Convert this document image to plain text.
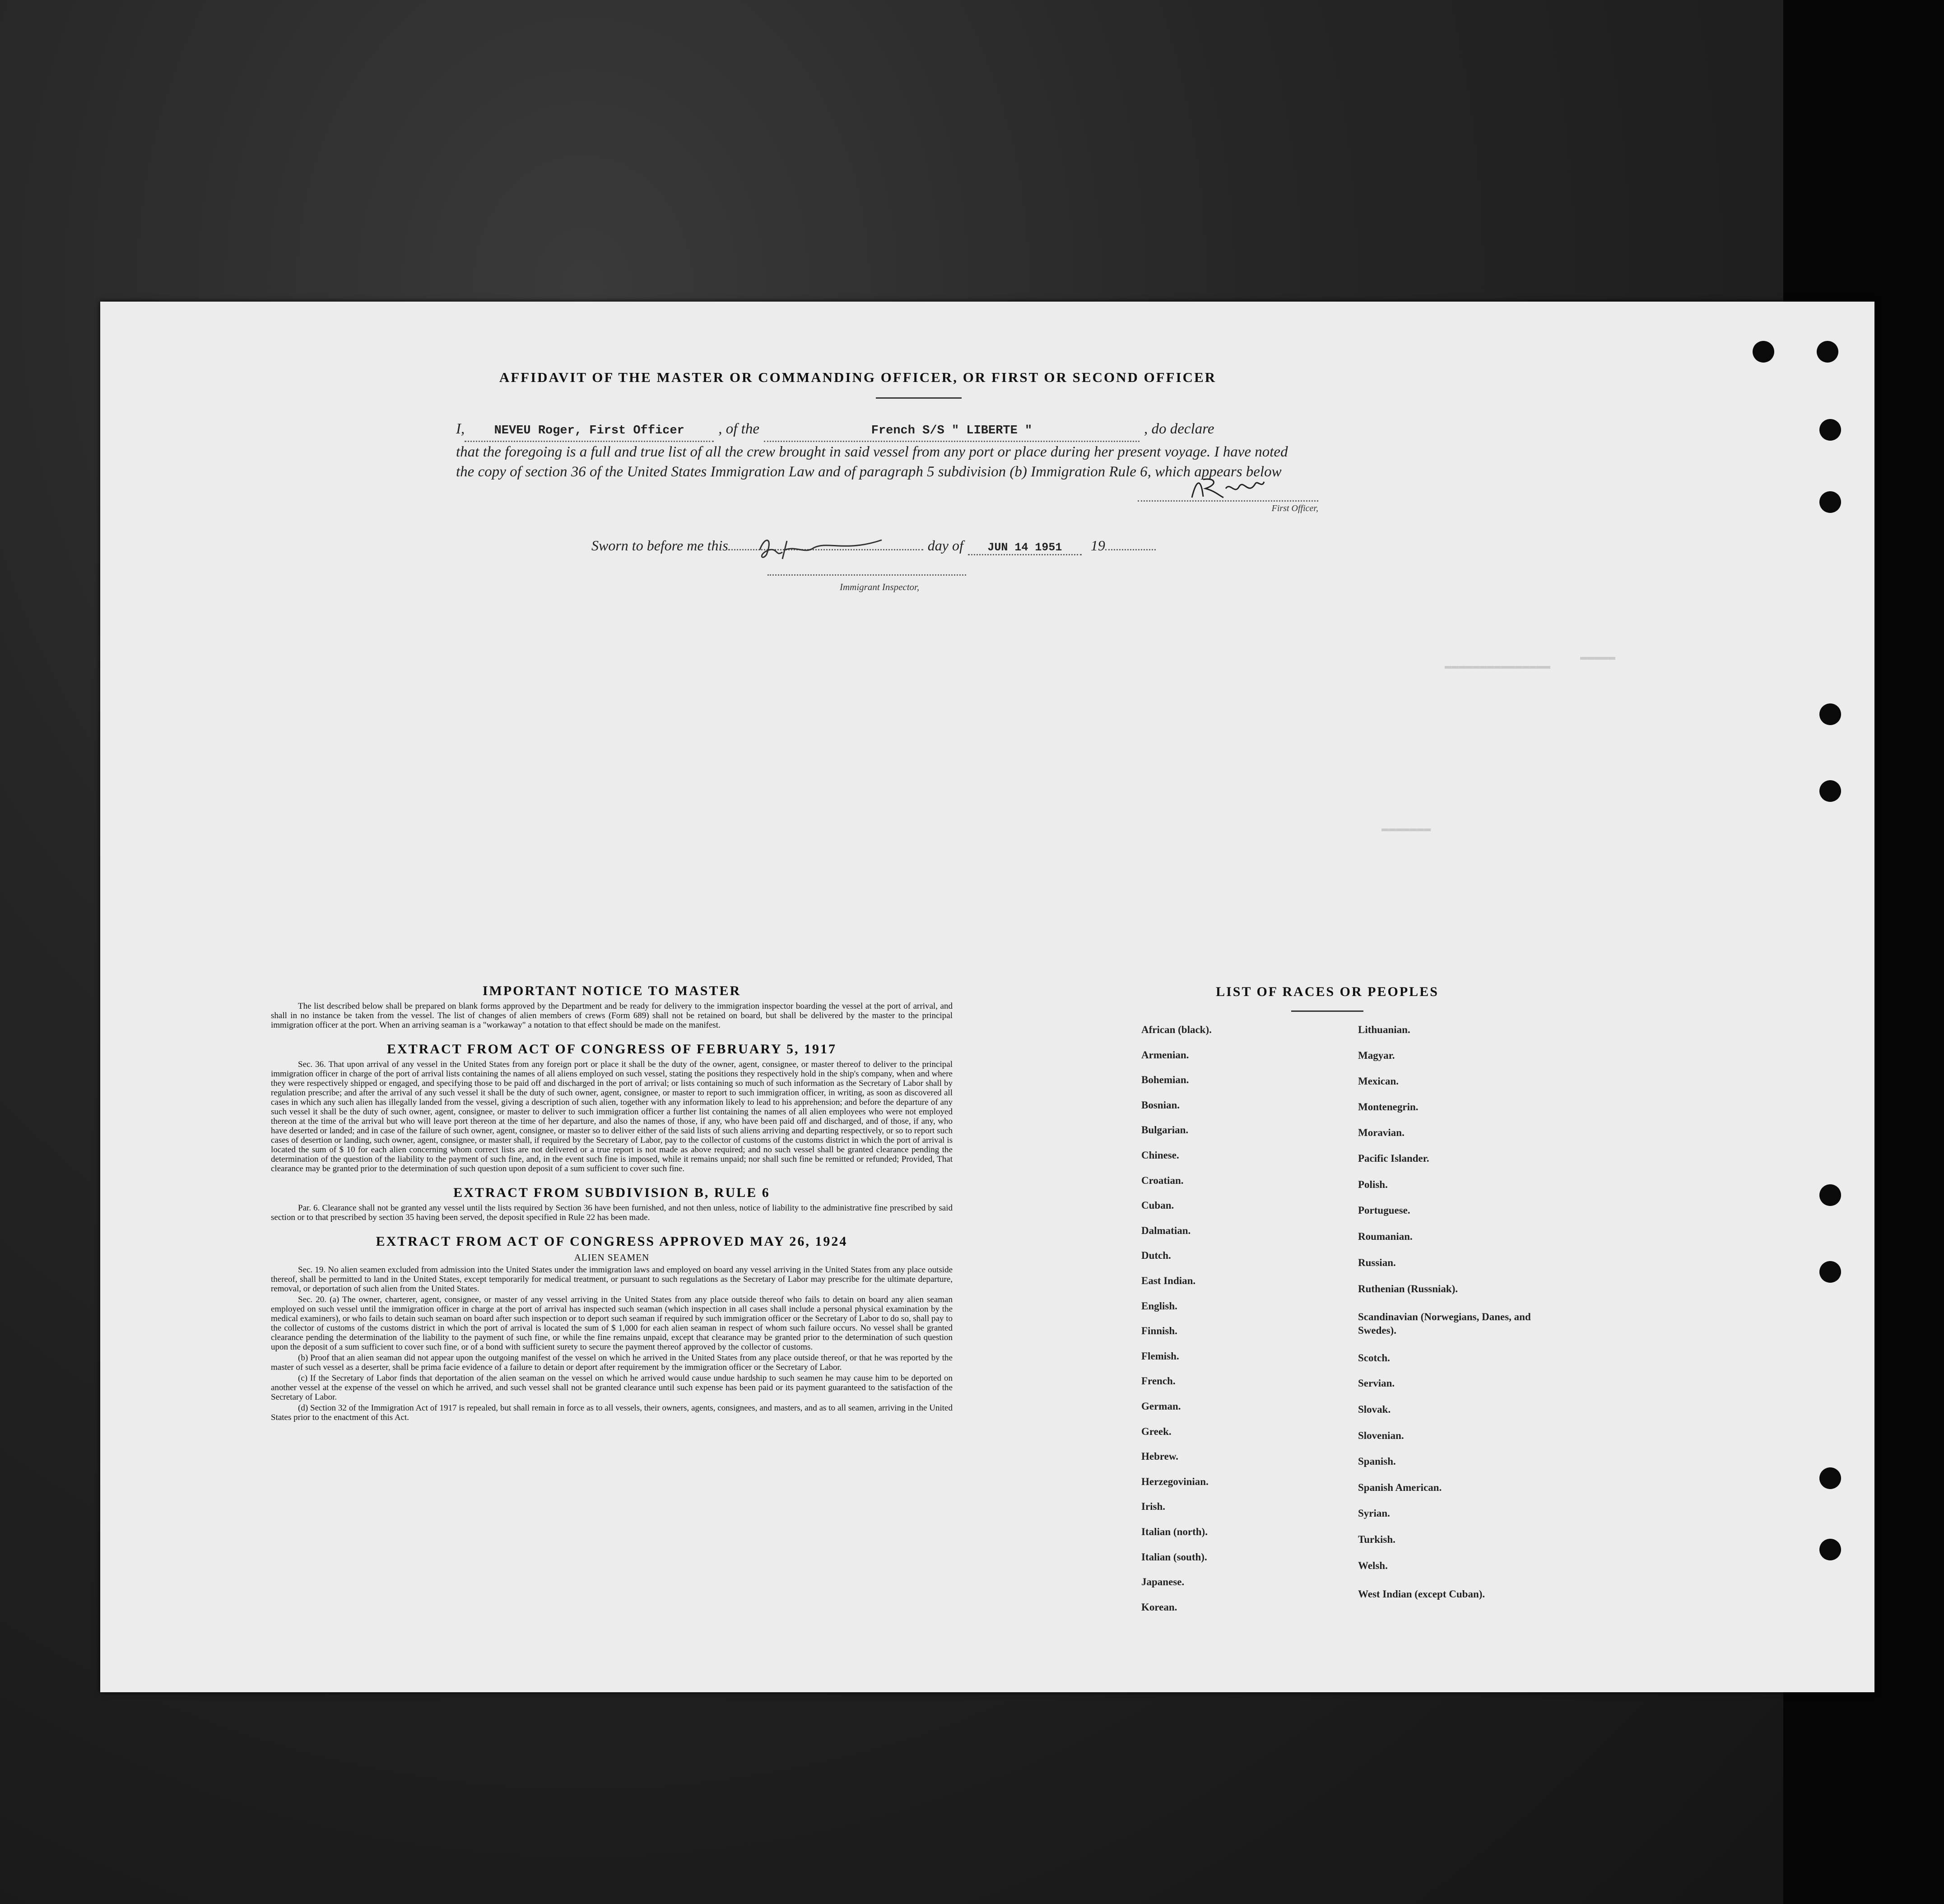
▬▬▬▬▬▬▬▬▬▬▬▬▬▬▬
▬▬▬▬▬▬▬
▬▬▬▬▬
AFFIDAVIT OF THE MASTER OR COMMANDING OFFICER, OR FIRST OR SECOND OFFICER
I,	NEVEU Roger, First Officer	, of the	French S/S " LIBERTE "	, do declare
that the foregoing is a full and true list of all the crew brought in said vessel from any port or place during her present voyage. I have noted the copy of section 36 of the United States Immigration Law and of paragraph 5 subdivision (b) Immigration Rule 6, which appears below
First Officer,
Sworn to before me this	day of	JUN 14 1951	19
Immigrant Inspector,
IMPORTANT NOTICE TO MASTER

The list described below shall be prepared on blank forms approved by the Department and be ready for delivery to the immigration inspector boarding the vessel at the port of arrival, and shall in no instance be taken from the vessel. The list of changes of alien members of crews (Form 689) shall not be retained on board, but shall be delivered by the master to the principal immigration officer at the port. When an arriving seaman is a "workaway" a notation to that effect should be made on the manifest.

EXTRACT FROM ACT OF CONGRESS OF FEBRUARY 5, 1917

Sec. 36. That upon arrival of any vessel in the United States from any foreign port or place it shall be the duty of the owner, agent, consignee, or master thereof to deliver to the principal immigration officer in charge of the port of arrival lists containing the names of all aliens employed on such vessel, stating the positions they respectively hold in the ship's company, when and where they were respectively shipped or engaged, and specifying those to be paid off and discharged in the port of arrival; or lists containing so much of such information as the Secretary of Labor shall by regulation prescribe; and after the arrival of any such vessel it shall be the duty of such owner, agent, consignee, or master to report to such immigration officer, in writing, as soon as discovered all cases in which any such alien has illegally landed from the vessel, giving a description of such alien, together with any information likely to lead to his apprehension; and before the departure of any such vessel it shall be the duty of such owner, agent, consignee, or master to deliver to such immigration officer a further list containing the names of all alien employees who were not employed thereon at the time of the arrival but who will leave port thereon at the time of her departure, and also the names of those, if any, who have been paid off and discharged, and of those, if any, who have deserted or landed; and in case of the failure of such owner, agent, consignee, or master so to deliver either of the said lists of such aliens arriving and departing respectively, or so to report such cases of desertion or landing, such owner, agent, consignee, or master shall, if required by the Secretary of Labor, pay to the collector of customs of the customs district in which the port of arrival is located the sum of $ 10 for each alien concerning whom correct lists are not delivered or a true report is not made as above required; and no such vessel shall be granted clearance pending the determination of the question of the liability to the payment of such fine, and, in the event such fine is imposed, while it remains unpaid; nor shall such fine be remitted or refunded; Provided, That clearance may be granted prior to the determination of such question upon deposit of a sum sufficient to cover such fine.

EXTRACT FROM SUBDIVISION B, RULE 6

Par. 6. Clearance shall not be granted any vessel until the lists required by Section 36 have been furnished, and not then unless, notice of liability to the administrative fine prescribed by said section or to that prescribed by section 35 having been served, the deposit specified in Rule 22 has been made.

EXTRACT FROM ACT OF CONGRESS APPROVED MAY 26, 1924
ALIEN SEAMEN

Sec. 19. No alien seamen excluded from admission into the United States under the immigration laws and employed on board any vessel arriving in the United States from any place outside thereof, shall be permitted to land in the United States, except temporarily for medical treatment, or pursuant to such regulations as the Secretary of Labor may prescribe for the ultimate departure, removal, or deportation of such alien from the United States.

Sec. 20. (a) The owner, charterer, agent, consignee, or master of any vessel arriving in the United States from any place outside thereof who fails to detain on board any alien seaman employed on such vessel until the immigration officer in charge at the port of arrival has inspected such seaman (which inspection in all cases shall include a personal physical examination by the medical examiners), or who fails to detain such seaman on board after such inspection or to deport such seaman if required by such immigration officer or the Secretary of Labor to do so, shall pay to the collector of customs of the customs district in which the port of arrival is located the sum of $ 1,000 for each alien seaman in respect of whom such failure occurs. No vessel shall be granted clearance pending the determination of the liability to the payment of such fine, or while the fine remains unpaid, except that clearance may be granted prior to the determination of such question upon the deposit of a sum sufficient to cover such fine, or of a bond with sufficient surety to secure the payment thereof approved by the collector of customs.

(b) Proof that an alien seaman did not appear upon the outgoing manifest of the vessel on which he arrived in the United States from any place outside thereof, or that he was reported by the master of such vessel as a deserter, shall be prima facie evidence of a failure to detain or deport after requirement by the immigration officer or the Secretary of Labor.

(c) If the Secretary of Labor finds that deportation of the alien seaman on the vessel on which he arrived would cause undue hardship to such seamen he may cause him to be deported on another vessel at the expense of the vessel on which he arrived, and such vessel shall not be granted clearance until such expense has been paid or its payment guaranteed to the satisfaction of the Secretary of Labor.

(d) Section 32 of the Immigration Act of 1917 is repealed, but shall remain in force as to all vessels, their owners, agents, consignees, and masters, and as to all seamen, arriving in the United States prior to the enactment of this Act.

LIST OF RACES OR PEOPLES
African (black).
Armenian.
Bohemian.
Bosnian.
Bulgarian.
Chinese.
Croatian.
Cuban.
Dalmatian.
Dutch.
East Indian.
English.
Finnish.
Flemish.
French.
German.
Greek.
Hebrew.
Herzegovinian.
Irish.
Italian (north).
Italian (south).
Japanese.
Korean.
Lithuanian.
Magyar.
Mexican.
Montenegrin.
Moravian.
Pacific Islander.
Polish.
Portuguese.
Roumanian.
Russian.
Ruthenian (Russniak).
Scandinavian (Norwegians, Danes, and Swedes).
Scotch.
Servian.
Slovak.
Slovenian.
Spanish.
Spanish American.
Syrian.
Turkish.
Welsh.
West Indian (except Cuban).
